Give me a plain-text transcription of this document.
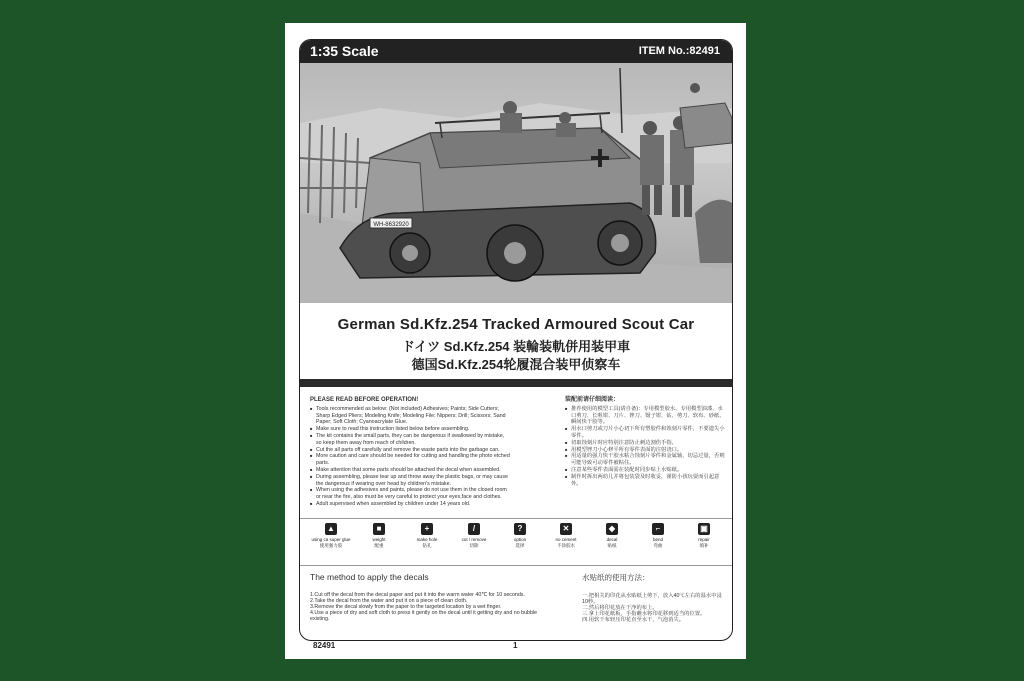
1:35 Scale	ITEM No.:82491
WH-8632920
German Sd.Kfz.254 Tracked Armoured Scout Car
ドイツ Sd.Kfz.254 装輪装軌併用装甲車
德国Sd.Kfz.254轮履混合装甲侦察车
PLEASE READ BEFORE OPERATION!
■ Tools recommended as below: (Not included) Adhesives; Paints; Side Cutters; Sharp Edged Pliers; Modeling Knife; Modeling File; Nippers; Drill; Scissors; Sand Paper; Soft Cloth; Cyanoacrylate Glue.
■ Make sure to read this instruction listed below before assembling.
■ The kit contains the small parts, they can be dangerous if swallowed by mistake, so keep them away from reach of children.
■ Cut the all parts off carefully and remove the waste parts into the garbage can.
■ More caution and care should be needed for cutting and handling the photo etched parts.
■ Make attention that some parts should be attached the decal when assembled.
■ During assembling, please tear up and throw away the plastic bags, or may cause the dangerous if wearing over head by children's mistake.
■ When using the adhesives and paints, please do not use them in the closed room or near the fire, also must be very careful to protect your eyes,face and clothes.
■ Adult supervised when assembled by children under 14 years old.
装配前请仔细阅读：
■ 推荐使用的模型工具(请自备)：专用模型胶水、专用模型油漆、水口剪刀、长咀钳、刀片、锉刀、镊子钳、钻、剪刀、软布、砂纸、瞬间快干胶等。
■ 用水口剪刀或刀片小心切下所有塑胶件和蚀刻片零件，不要遗失小零件。
■ 切取蚀刻片时应特别注意防止刺边割伤手指。
■ 用模型锉刀小心修平所有零件表面的注射浇口。
■ 用适量的强力快干胶水粘合蚀刻片零件和金属轴，切忌过量，否则可能导致可动零件被粘住。
■ 注意某些零件表面需在装配时同步贴上水贴纸。
■ 制作时拆出两幼儿并将包装袋及时收妥，谨防小孩玩耍而引起意外。
▲
using ca super glue
使用强力胶
■
weight
配重
+
make hole
钻孔
/
cut / remove
切除
?
option
选择
✕
no cement
不涂胶水
◆
decal
贴纸
⌐
bend
弯曲
▣
repair
填补
The method to apply the decals
1.Cut off the decal from the decal paper and put it into the warm water 40℃ for 10 seconds.
2.Take the decal from the water and put it on a piece of clean cloth.
3.Remove the decal slowly from the paper to the targeted location by a wet finger.
4.Use a piece of dry and soft cloth to press it gently on the decal until it getting dry and no bubble existing.
水贴纸的使用方法：
一.把相关的印花从水贴纸上剪下，放入40℃左右的温水中浸10秒。
二.然后将印花放在干净的布上。
三.拿上印花纸板，手指蘸水将印花移到适当的位置。
四.用软干布轻压印花直至水干，气泡消失。
82491	1
